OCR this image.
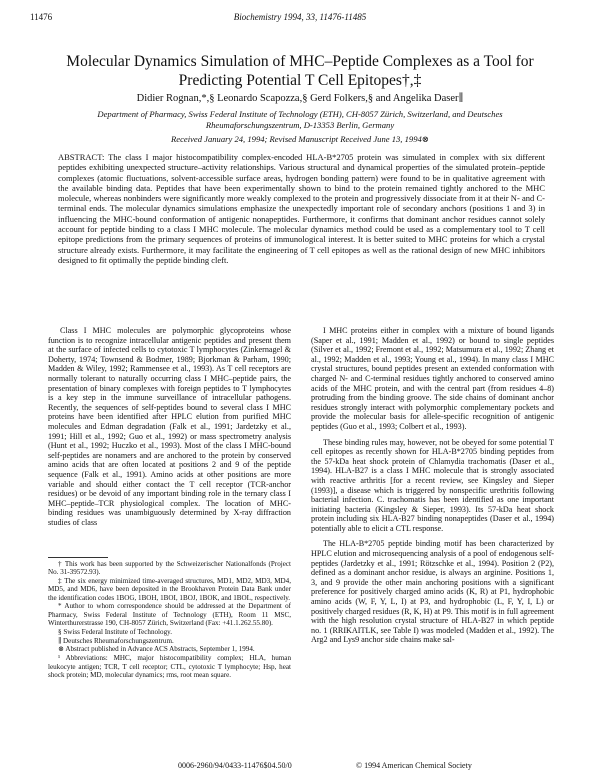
11476	Biochemistry 1994, 33, 11476-11485
Molecular Dynamics Simulation of MHC–Peptide Complexes as a Tool for Predicting Potential T Cell Epitopes†,‡
Didier Rognan,*,§ Leonardo Scapozza,§ Gerd Folkers,§ and Angelika Daser∥
Department of Pharmacy, Swiss Federal Institute of Technology (ETH), CH-8057 Zürich, Switzerland, and Deutsches Rheumaforschungszentrum, D-13353 Berlin, Germany
Received January 24, 1994; Revised Manuscript Received June 13, 1994⊗
ABSTRACT: The class I major histocompatibility complex-encoded HLA-B*2705 protein was simulated in complex with six different peptides exhibiting unexpected structure–activity relationships. Various structural and dynamical properties of the simulated protein–peptide complexes (atomic fluctuations, solvent-accessible surface areas, hydrogen bonding pattern) were found to be in qualitative agreement with the available binding data. Peptides that have been experimentally shown to bind to the protein remained tightly anchored to the MHC molecule, whereas nonbinders were significantly more weakly complexed to the protein and progressively dissociate from it at their N- and C-terminal ends. The molecular dynamics simulations emphasize the unexpectedly important role of secondary anchors (positions 1 and 3) in influencing the MHC-bound conformation of antigenic nonapeptides. Furthermore, it confirms that dominant anchor residues cannot solely account for peptide binding to a class I MHC molecule. The molecular dynamics method could be used as a complementary tool to T cell epitope predictions from the primary sequences of proteins of immunological interest. It is better suited to MHC proteins for which a crystal structure already exists. Furthermore, it may facilitate the engineering of T cell epitopes as well as the rational design of new MHC inhibitors designed to fit optimally the peptide binding cleft.

Class I MHC molecules are polymorphic glycoproteins whose function is to recognize intracellular antigenic peptides and present them at the surface of infected cells to cytotoxic T lymphocytes (Zinkernagel & Doherty, 1974; Townsend & Bodmer, 1989; Bjorkman & Parham, 1990; Madden & Wiley, 1992; Rammensee et al., 1993). As T cell receptors are normally tolerant to naturally occurring class I MHC–peptide pairs, the presentation of binary complexes with foreign peptides to T lymphocytes is a key step in the immune surveillance of intracellular pathogens. Recently, the sequences of self-peptides bound to several class I MHC proteins have been identified after HPLC elution from purified MHC molecules and Edman degradation (Falk et al., 1991; Jardetzky et al., 1991; Hill et al., 1992; Guo et al., 1992) or mass spectrometry analysis (Hunt et al., 1992; Huczko et al., 1993). Most of the class I MHC-bound self-peptides are nonamers and are anchored to the protein by conserved amino acids that are often located at positions 2 and 9 of the peptide sequence (Falk et al., 1991). Amino acids at other positions are more variable and should either contact the T cell receptor (TCR-anchor residues) or be devoid of any important binding role in the ternary class I MHC–peptide–TCR physiological complex. The location of MHC-binding residues was unambiguously determined by X-ray diffraction studies of class

I MHC proteins either in complex with a mixture of bound ligands (Saper et al., 1991; Madden et al., 1992) or bound to single peptides (Silver et al., 1992; Fremont et al., 1992; Matsumura et al., 1992; Zhang et al., 1992; Madden et al., 1993; Young et al., 1994). In many class I MHC crystal structures, bound peptides present an extended conformation with charged N- and C-terminal residues tightly anchored to conserved amino acids of the MHC protein, and with the central part (from residues 4–8) protruding from the binding groove. The side chains of dominant anchor residues strongly interact with polymorphic complementary pockets and provide the molecular basis for allele-specific recognition of antigenic peptides (Guo et al., 1993; Colbert et al., 1993).

These binding rules may, however, not be obeyed for some potential T cell epitopes as recently shown for HLA-B*2705 binding peptides from the 57-kDa heat shock protein of Chlamydia trachomatis (Daser et al., 1994). HLA-B27 is a class I MHC molecule that is strongly associated with reactive arthritis [for a recent review, see Kingsley and Sieper (1993)], a disease which is triggered by nonspecific urethritis following bacterial infection. C. trachomatis has been identified as one important initiating bacteria (Kingsley & Sieper, 1993). Its 57-kDa heat shock protein including six HLA-B27 binding nonapeptides (Daser et al., 1994) potentially able to elicit a CTL response.

The HLA-B*2705 peptide binding motif has been characterized by HPLC elution and microsequencing analysis of a pool of endogenous self-peptides (Jardetzky et al., 1991; Rötzschke et al., 1994). Position 2 (P2), defined as a dominant anchor residue, is always an arginine. Positions 1, 3, and 9 provide the other main anchoring positions with a significant preference for positively charged amino acids (K, R) at P1, hydrophobic amino acids (W, F, Y, L, I) at P3, and hydrophobic (L, F, Y, I, L) or positively charged residues (R, K, H) at P9. This motif is in full agreement with the high resolution crystal structure of HLA-B27 in which peptide no. 1 (RRIKAITLK, see Table I) was modeled (Madden et al., 1992). The Arg2 and Lys9 anchor side chains make sal-

† This work has been supported by the Schweizerischer Nationalfonds (Project No. 31-39572.93).

‡ The six energy minimized time-averaged structures, MD1, MD2, MD3, MD4, MD5, and MD6, have been deposited in the Brookhaven Protein Data Bank under the identification codes 1BOG, 1BOH, 1BOI, 1BOJ, 1BOK, and 1BOL, respectively.

* Author to whom correspondence should be addressed at the Department of Pharmacy, Swiss Federal Institute of Technology (ETH), Room 11 MSC, Winterthurerstrasse 190, CH-8057 Zürich, Switzerland (Fax: +41.1.262.55.80).

§ Swiss Federal Institute of Technology.

∥ Deutsches Rheumaforschungszentrum.

⊗ Abstract published in Advance ACS Abstracts, September 1, 1994.

¹ Abbreviations: MHC, major histocompatibility complex; HLA, human leukocyte antigen; TCR, T cell receptor; CTL, cytotoxic T lymphocyte; Hsp, heat shock protein; MD, molecular dynamics; rms, root mean square.

0006-2960/94/0433-11476$04.50/0	© 1994 American Chemical Society
